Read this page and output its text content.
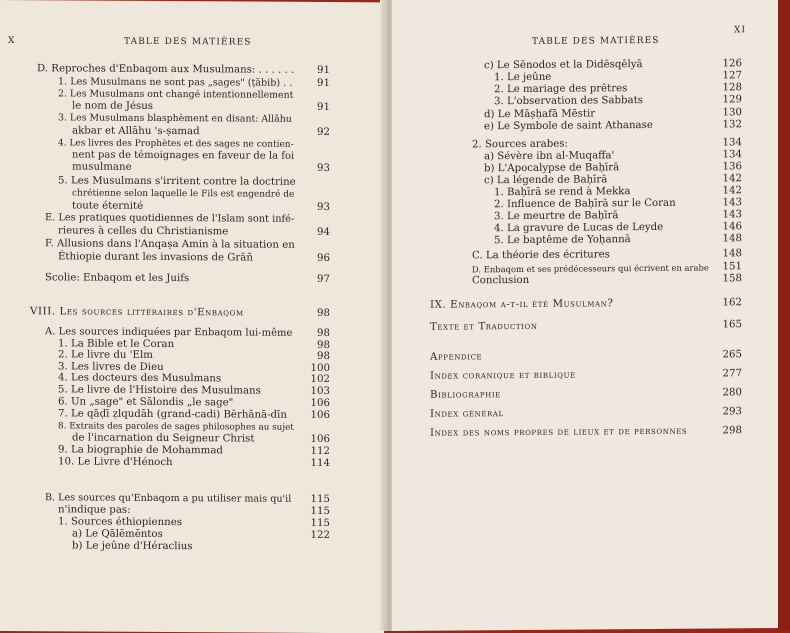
X	TABLE DES MATIÈRES
D. Reproches d'Enbaqom aux Musulmans: . . . . . .	91
1. Les Musulmans ne sont pas „sages" (ṭābib) . .	91
2. Les Musulmans ont changé intentionnellement
le nom de Jésus	91
3. Les Musulmans blasphèment en disant: Allāhu
akbar et Allāhu 's-ṣamad	92
4. Les livres des Prophètes et des sages ne contien-
nent pas de témoignages en faveur de la foi
musulmane	93
5. Les Musulmans s'irritent contre la doctrine
chrétienne selon laquelle le Fils est engendré de
toute éternité	93
E. Les pratiques quotidiennes de l'Islam sont infé-
rieures à celles du Christianisme	94
F. Allusions dans l'Anqaṣa Amin à la situation en
Éthiopie durant les invasions de Grāñ	96
Scolie: Enbaqom et les Juifs	97
VIII. Les sources littéraires d'Enbaqom	98
A. Les sources indiquées par Enbaqom lui-même	98
1. La Bible et le Coran	98
2. Le livre du 'Elm	98
3. Les livres de Dieu	100
4. Les docteurs des Musulmans	102
5. Le livre de l'Histoire des Musulmans	103
6. Un „sage" et Sālondis „le sage"	106
7. Le qāḍī ẓlqudāh (grand-cadi) Bērhānā-dīn	106
8. Extraits des paroles de sages philosophes au sujet
de l'incarnation du Seigneur Christ	106
9. La biographie de Mohammad	112
10. Le Livre d'Hénoch	114
B. Les sources qu'Enbaqom a pu utiliser mais qu'il	115
n'indique pas:	115
1. Sources éthiopiennes	115
a) Le Qālēmēntos	122
b) Le jeûne d'Héraclius
TABLE DES MATIÈRES
XI
c) Le Sēnodos et la Didēsqēlyā	126
1. Le jeûne	127
2. Le mariage des prêtres	128
3. L'observation des Sabbats	129
d) Le Māṣḥafā Mēstir	130
e) Le Symbole de saint Athanase	132
2. Sources arabes:	134
a) Sévère ibn al-Muqaffa'	134
b) L'Apocalypse de Baḥīrā	136
c) La légende de Baḥīrā	142
1. Baḥīrā se rend à Mekka	142
2. Influence de Baḥīrā sur le Coran	143
3. Le meurtre de Baḥīrā	143
4. La gravure de Lucas de Leyde	146
5. Le baptême de Yoḥannā	148
C. La théorie des écritures	148
D. Enbaqom et ses prédécesseurs qui écrivent en arabe	151
Conclusion	158
IX. Enbaqom a-t-il été Musulman?	162
Texte et Traduction	165
Appendice	265
Index coranique et biblique	277
Bibliographie	280
Index général	293
Index des noms propres de lieux et de personnes	298
